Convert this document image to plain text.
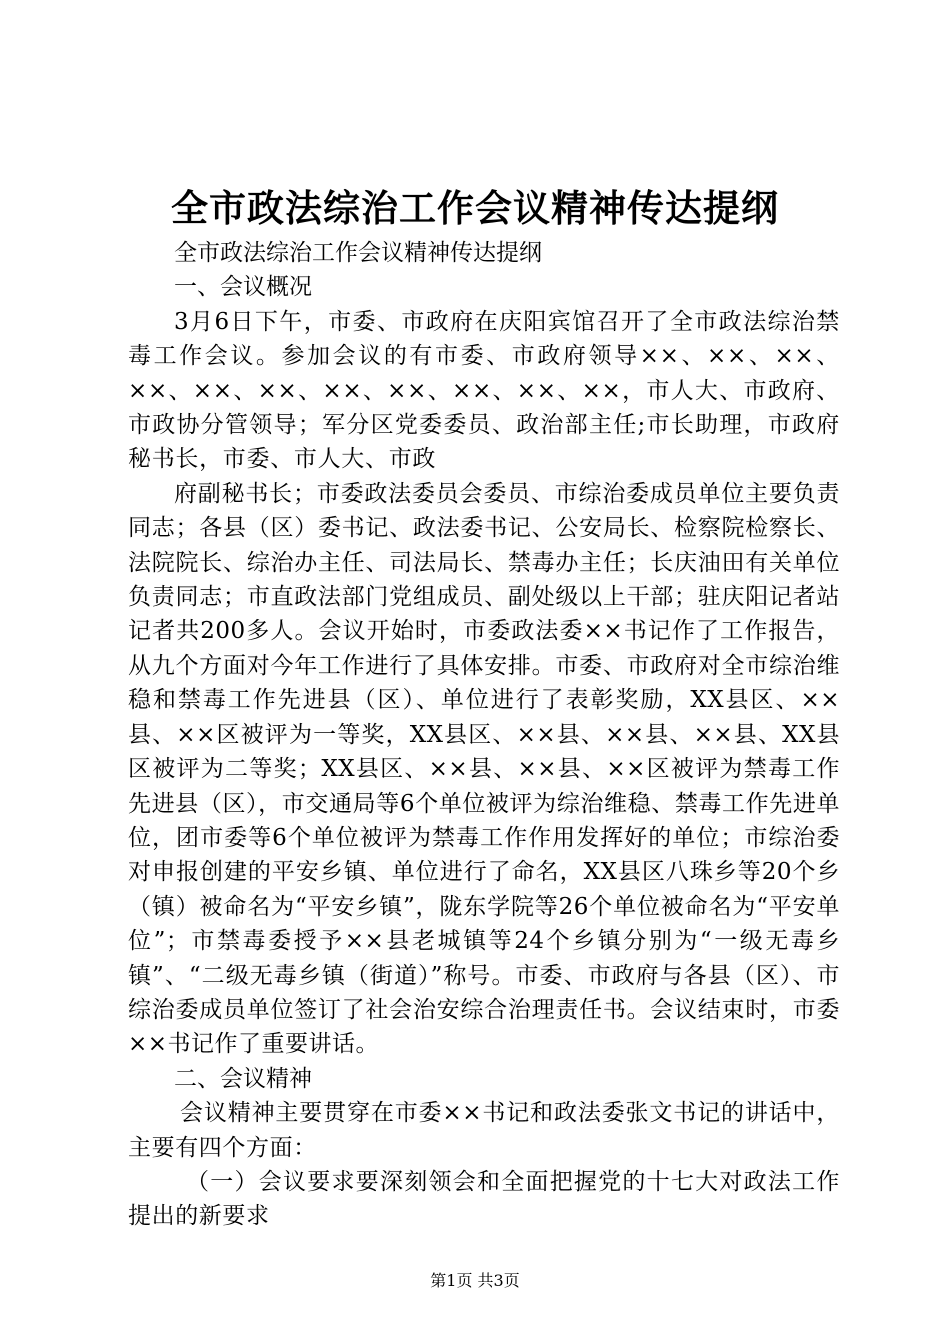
全市政法综治工作会议精神传达提纲

全市政法综治工作会议精神传达提纲

一、会议概况

3月6日下午，市委、市政府在庆阳宾馆召开了全市政法综治禁毒工作会议。参加会议的有市委、市政府领导××、××、××、××、××、××、××、××、××、××、××，市人大、市政府、市政协分管领导；军分区党委委员、政治部主任;市长助理，市政府秘书长，市委、市人大、市政

府副秘书长；市委政法委员会委员、市综治委成员单位主要负责同志；各县（区）委书记、政法委书记、公安局长、检察院检察长、法院院长、综治办主任、司法局长、禁毒办主任；长庆油田有关单位负责同志；市直政法部门党组成员、副处级以上干部；驻庆阳记者站记者共200多人。会议开始时，市委政法委××书记作了工作报告，从九个方面对今年工作进行了具体安排。市委、市政府对全市综治维稳和禁毒工作先进县（区）、单位进行了表彰奖励，XX县区、××县、××区被评为一等奖，XX县区、××县、××县、××县、XX县区被评为二等奖；XX县区、××县、××县、××区被评为禁毒工作先进县（区），市交通局等6个单位被评为综治维稳、禁毒工作先进单位，团市委等6个单位被评为禁毒工作作用发挥好的单位；市综治委对申报创建的平安乡镇、单位进行了命名，XX县区八珠乡等20个乡（镇）被命名为“平安乡镇”，陇东学院等26个单位被命名为“平安单位”；市禁毒委授予××县老城镇等24个乡镇分别为“一级无毒乡镇”、“二级无毒乡镇（街道）”称号。市委、市政府与各县（区）、市综治委成员单位签订了社会治安综合治理责任书。会议结束时，市委××书记作了重要讲话。

二、会议精神

会议精神主要贯穿在市委××书记和政法委张文书记的讲话中，主要有四个方面：

（一）会议要求要深刻领会和全面把握党的十七大对政法工作提出的新要求

第1页 共3页
